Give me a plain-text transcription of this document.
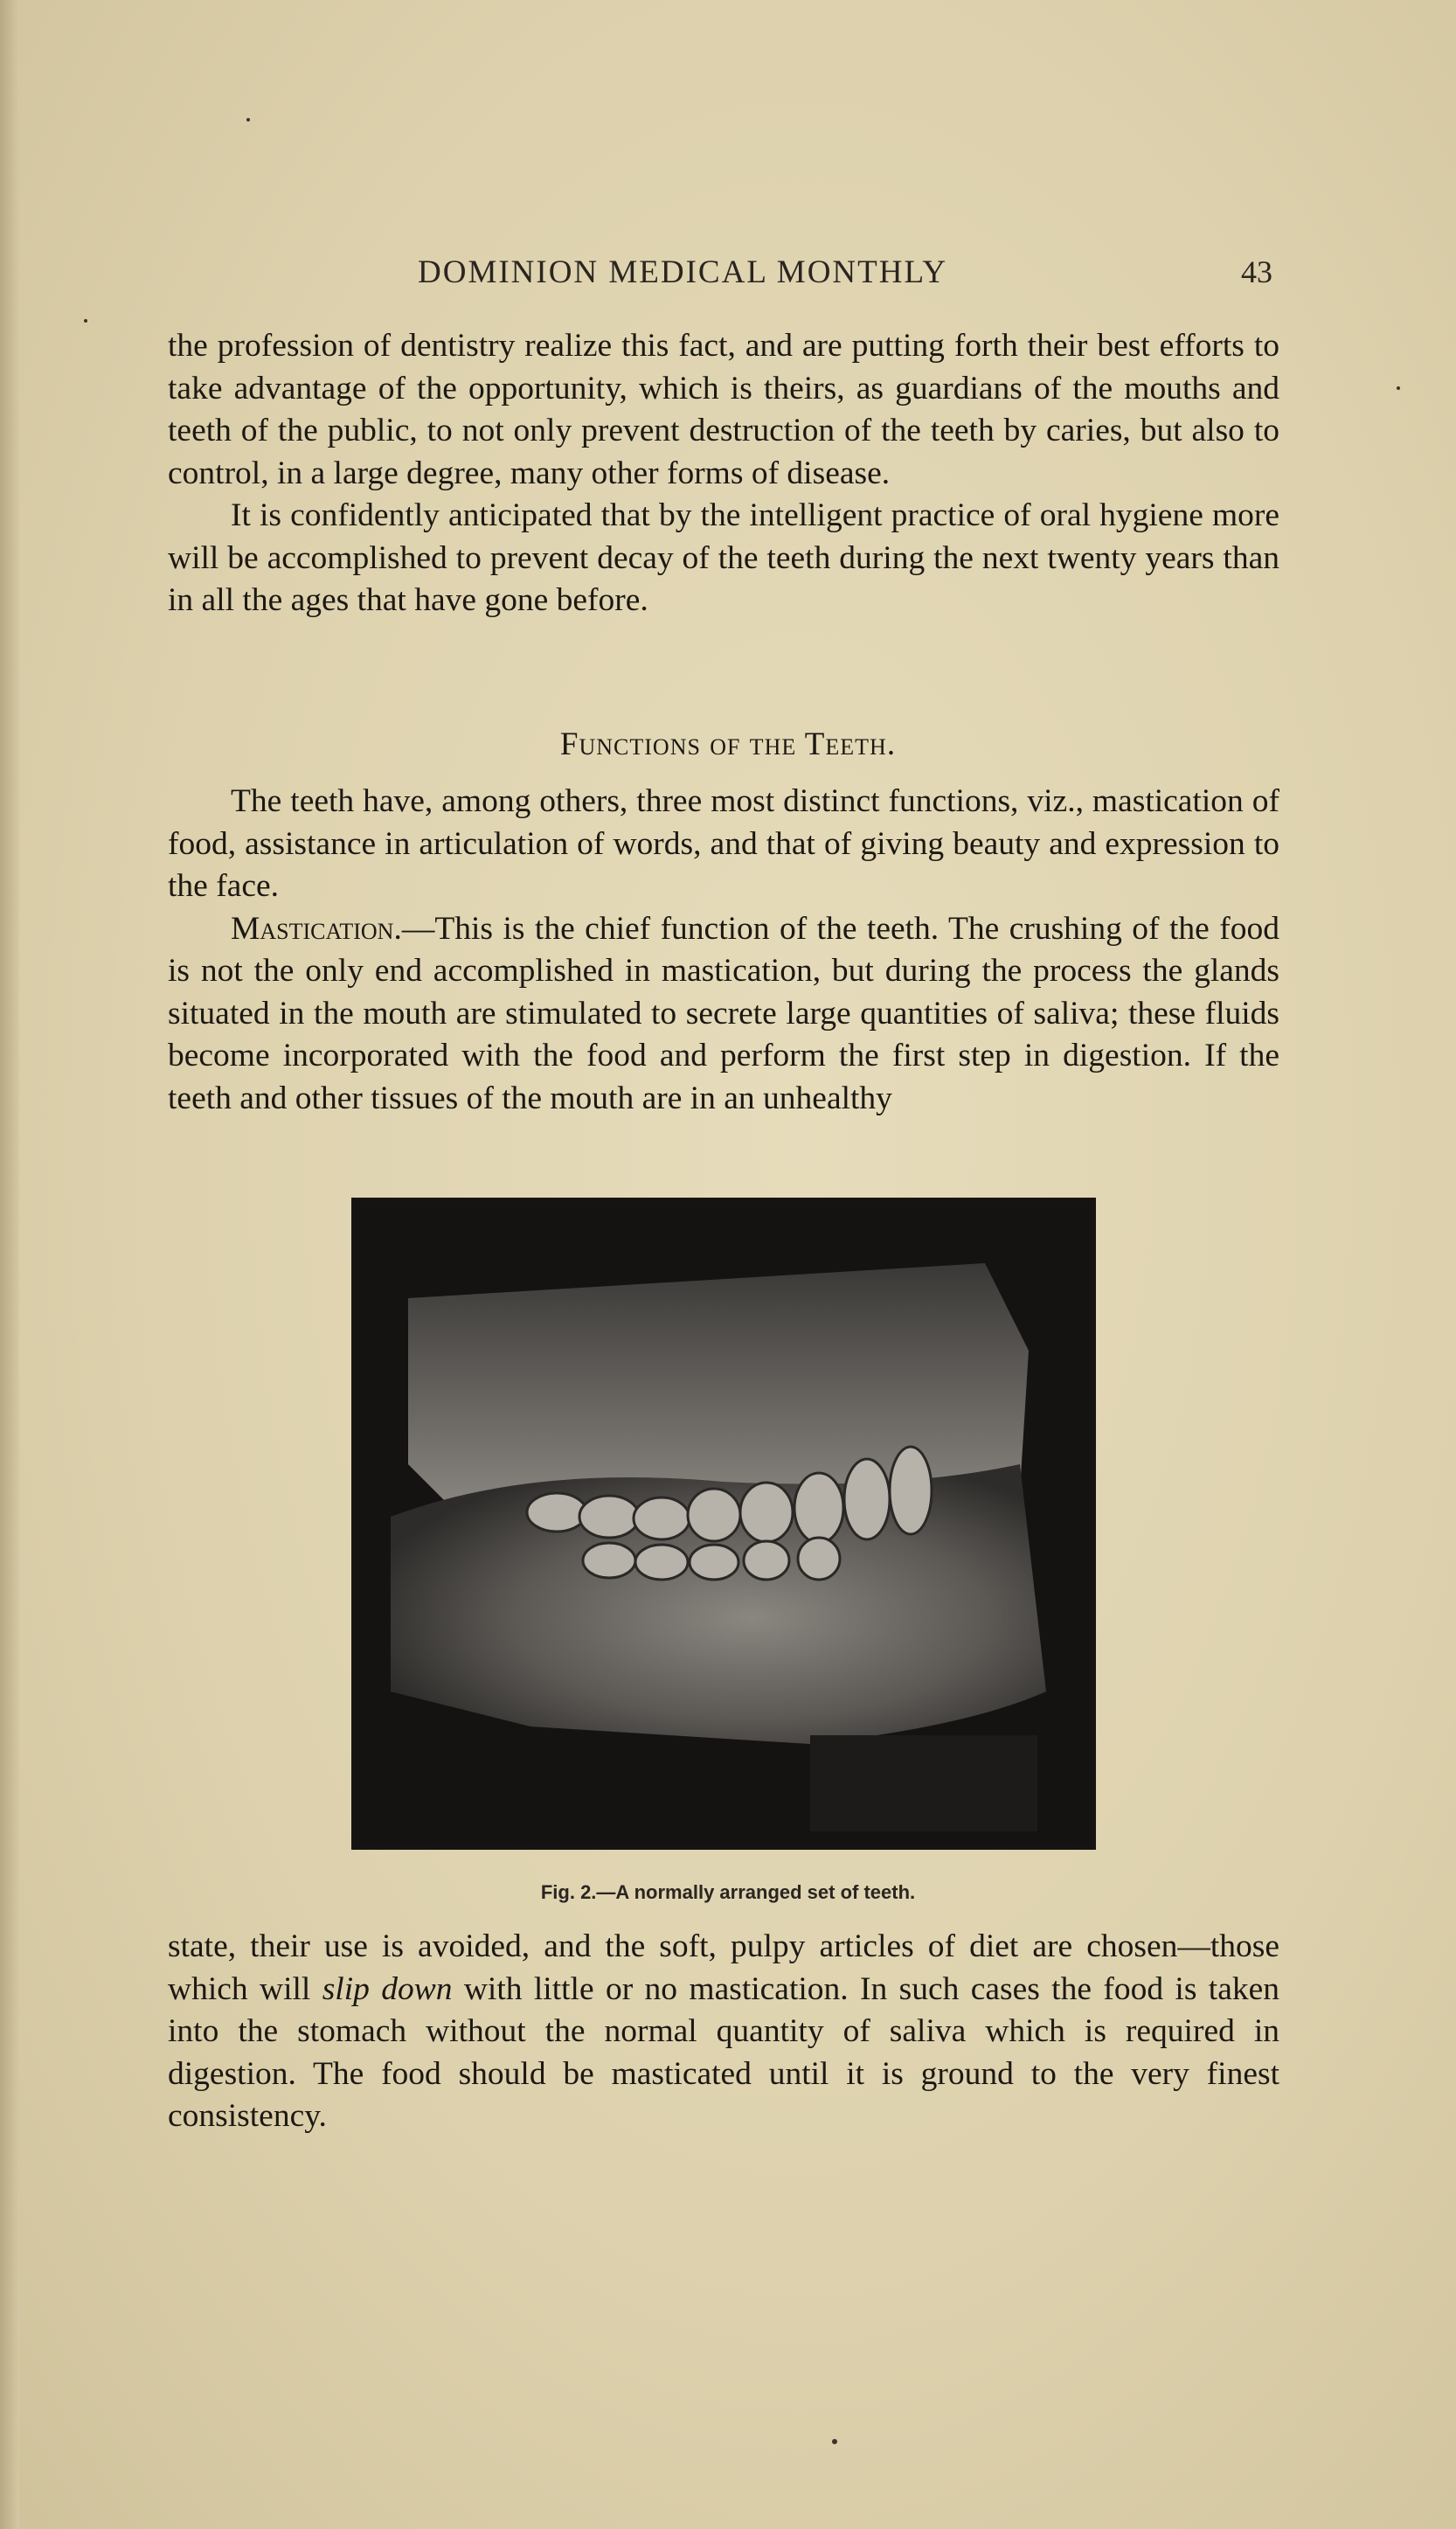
DOMINION MEDICAL MONTHLY	43

the profession of dentistry realize this fact, and are putting forth their best efforts to take advantage of the opportunity, which is theirs, as guardians of the mouths and teeth of the public, to not only prevent destruction of the teeth by caries, but also to control, in a large degree, many other forms of disease.

It is confidently anticipated that by the intelligent practice of oral hygiene more will be accomplished to prevent decay of the teeth during the next twenty years than in all the ages that have gone before.

Functions of the Teeth.

The teeth have, among others, three most distinct functions, viz., mastication of food, assistance in articulation of words, and that of giving beauty and expression to the face.

Mastication.—This is the chief function of the teeth. The crushing of the food is not the only end accomplished in mastication, but during the process the glands situated in the mouth are stimulated to secrete large quantities of saliva; these fluids become incorporated with the food and perform the first step in digestion. If the teeth and other tissues of the mouth are in an unhealthy

Fig. 2.—A normally arranged set of teeth.

state, their use is avoided, and the soft, pulpy articles of diet are chosen—those which will slip down with little or no mastication. In such cases the food is taken into the stomach without the normal quantity of saliva which is required in digestion. The food should be masticated until it is ground to the very finest consistency.
